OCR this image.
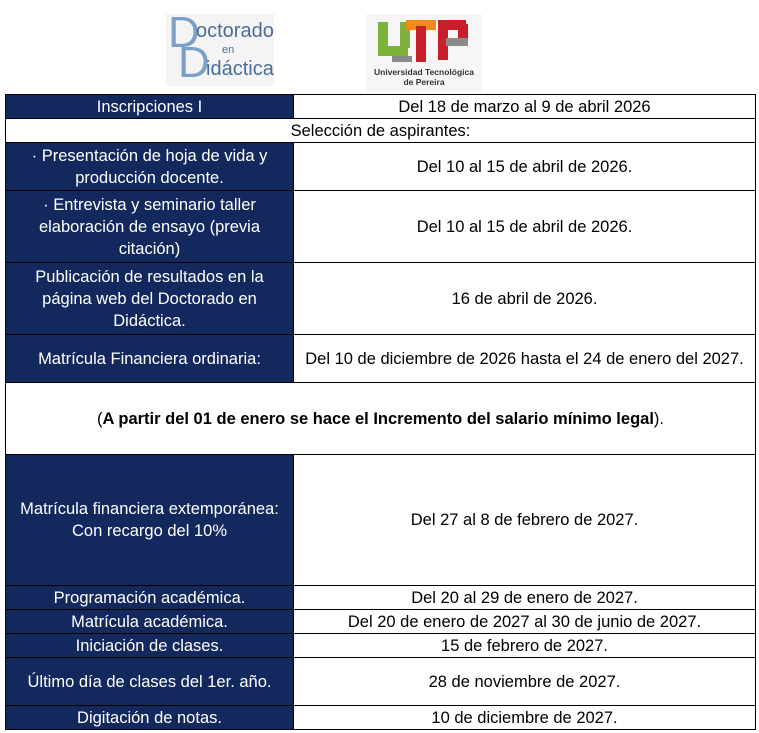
D
octorado
en
D
idáctica	Universidad Tecnológica
de Pereira
Inscripciones I	Del 18 de marzo al 9 de abril 2026
Selección de aspirantes:	
· Presentación de hoja de vida y producción docente.	Del 10 al 15 de abril de 2026.
· Entrevista y seminario taller elaboración de ensayo (previa citación)	Del 10 al 15 de abril de 2026.
Publicación de resultados en la página web del Doctorado en Didáctica.	16 de abril de 2026.
Matrícula Financiera ordinaria:	Del 10 de diciembre de 2026 hasta el 24 de enero del 2027.
(A partir del 01 de enero se hace el Incremento del salario mínimo legal).	
Matrícula financiera extemporánea: Con recargo del 10%	Del 27 al 8 de febrero de 2027.
Programación académica.	Del 20 al 29 de enero de 2027.
Matrícula académica.	Del 20 de enero de 2027 al 30 de junio de 2027.
Iniciación de clases.	15 de febrero de 2027.
Último día de clases del 1er. año.	28 de noviembre de 2027.
Digitación de notas.	10 de diciembre de 2027.
